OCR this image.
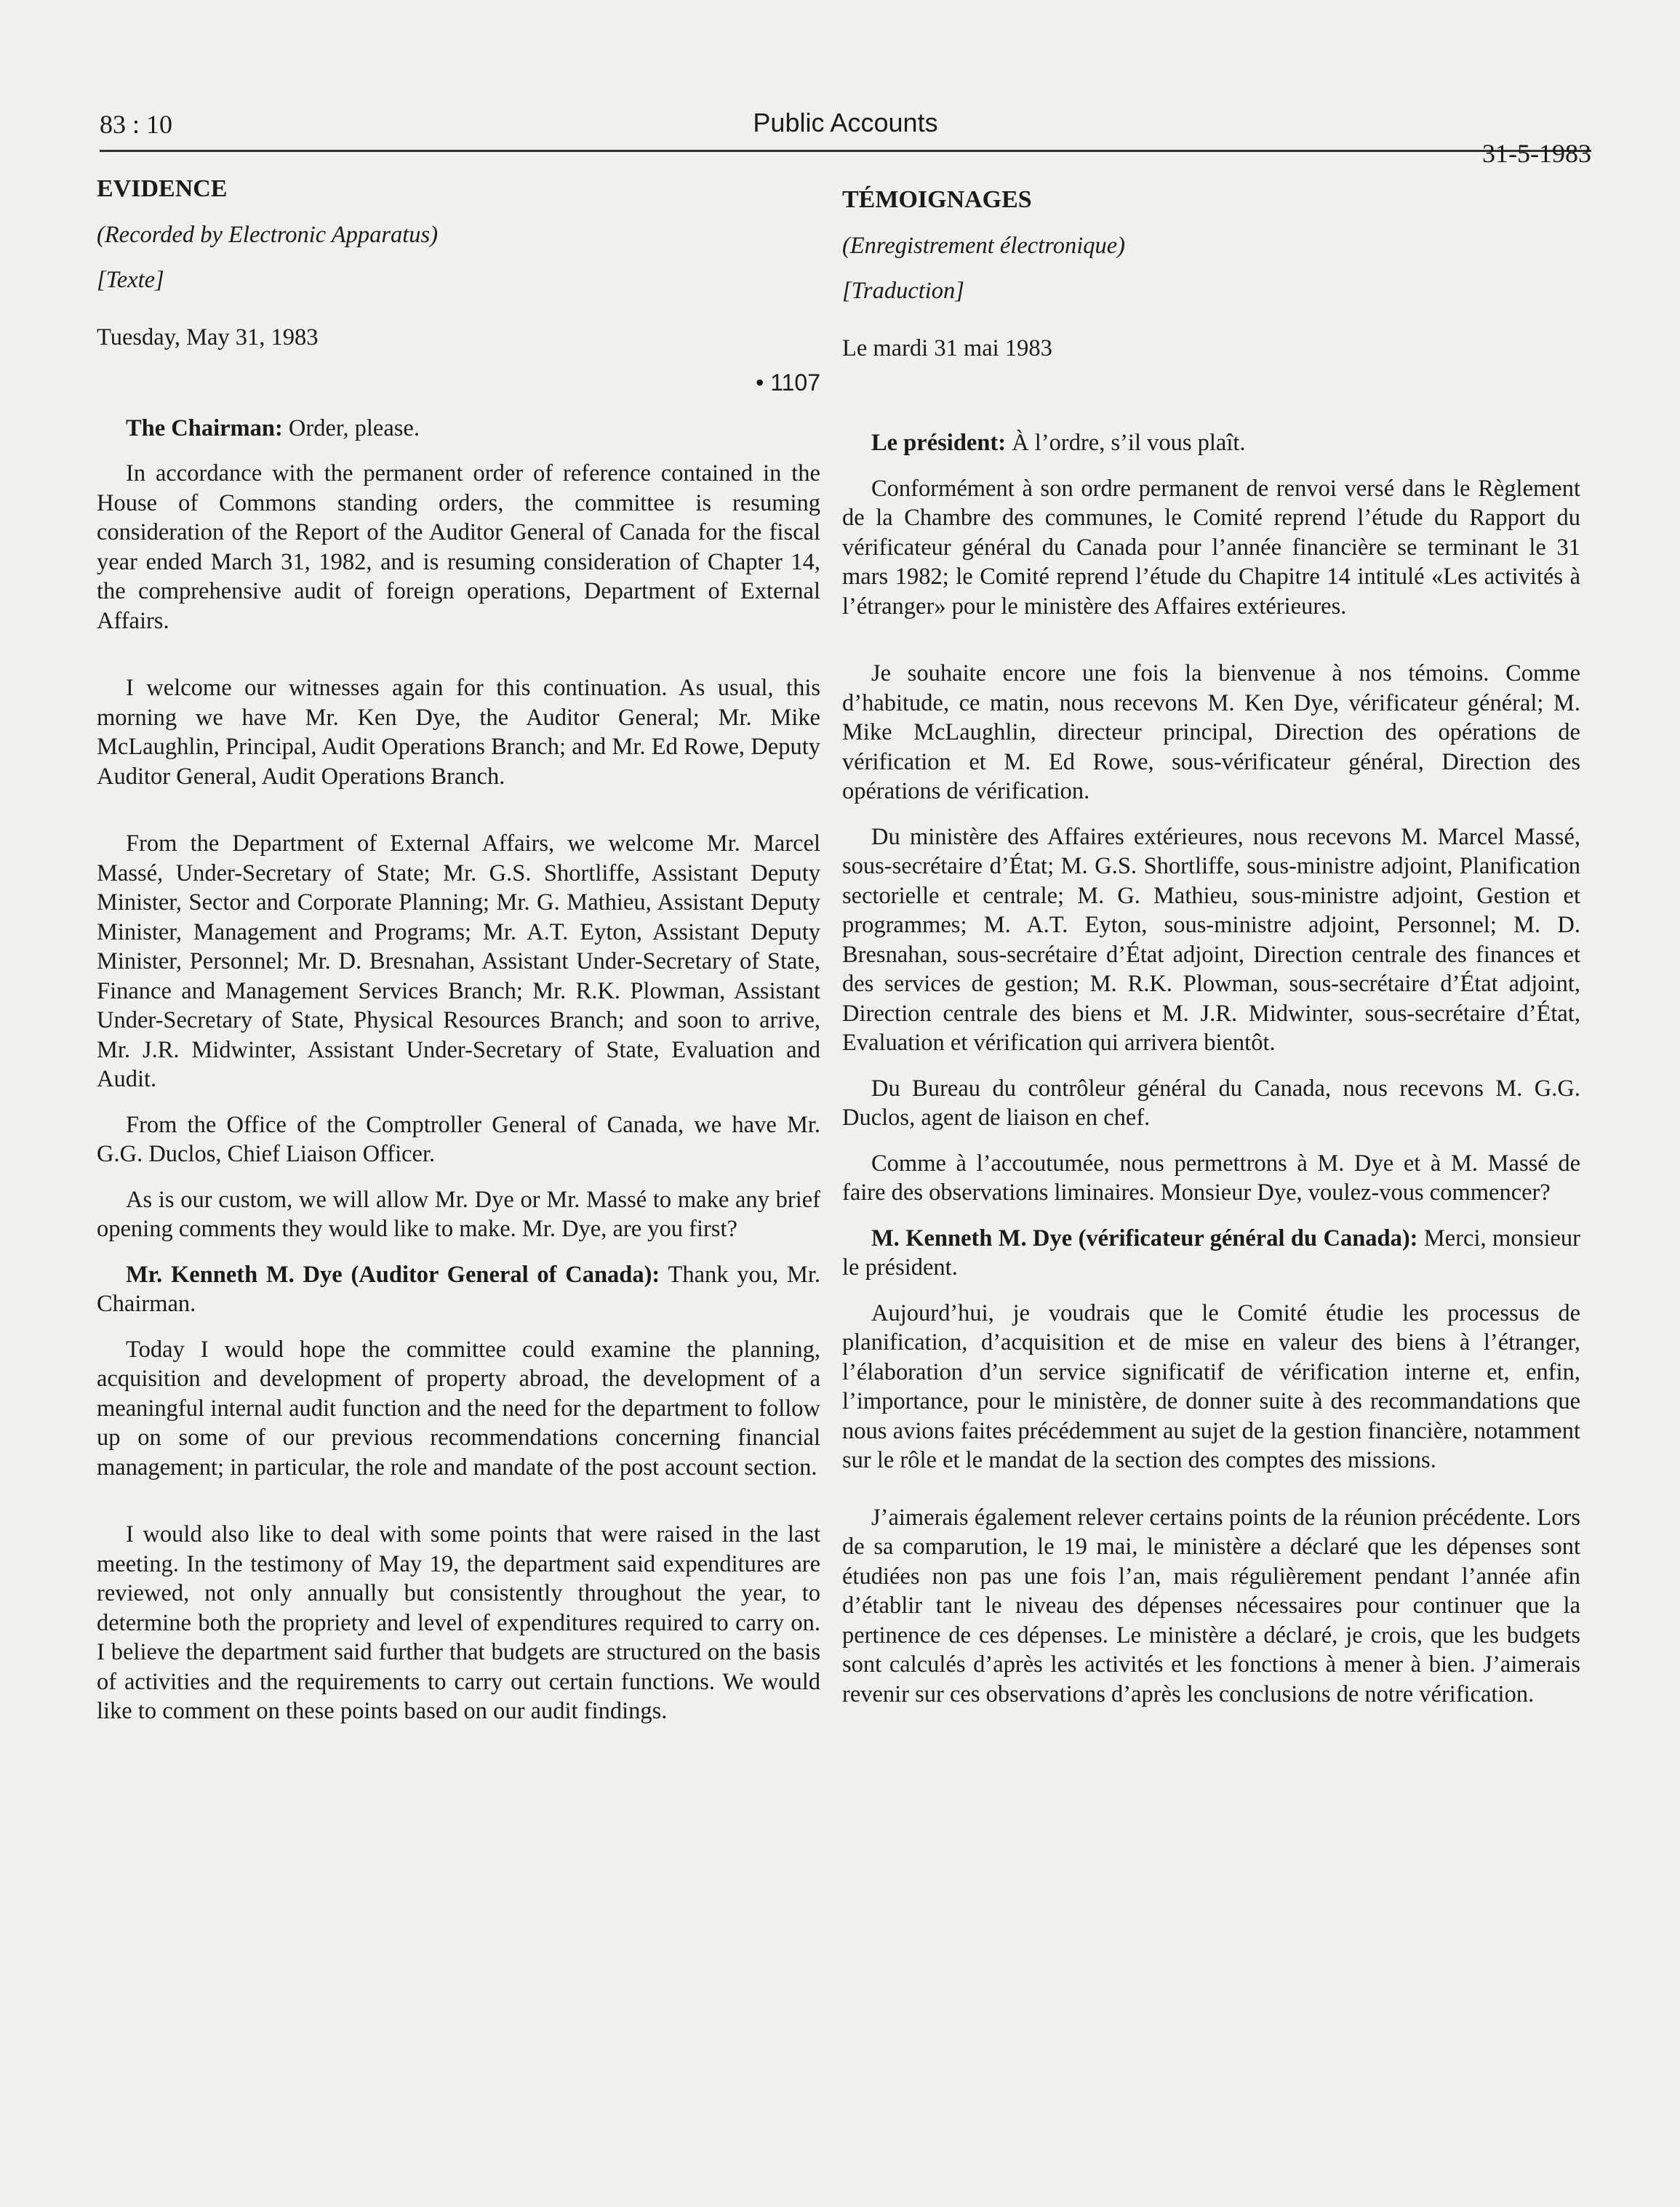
83 : 10	Public Accounts
31-5-1983

EVIDENCE

(Recorded by Electronic Apparatus)

[Texte]

Tuesday, May 31, 1983

• 1107

The Chairman: Order, please.

In accordance with the permanent order of reference contained in the House of Commons standing orders, the committee is resuming consideration of the Report of the Auditor General of Canada for the fiscal year ended March 31, 1982, and is resuming consideration of Chapter 14, the comprehensive audit of foreign operations, Department of External Affairs.

I welcome our witnesses again for this continuation. As usual, this morning we have Mr. Ken Dye, the Auditor General; Mr. Mike McLaughlin, Principal, Audit Operations Branch; and Mr. Ed Rowe, Deputy Auditor General, Audit Operations Branch.

From the Department of External Affairs, we welcome Mr. Marcel Massé, Under-Secretary of State; Mr. G.S. Shortliffe, Assistant Deputy Minister, Sector and Corporate Planning; Mr. G. Mathieu, Assistant Deputy Minister, Management and Programs; Mr. A.T. Eyton, Assistant Deputy Minister, Personnel; Mr. D. Bresnahan, Assistant Under-Secretary of State, Finance and Management Services Branch; Mr. R.K. Plowman, Assistant Under-Secretary of State, Physical Resources Branch; and soon to arrive, Mr. J.R. Midwinter, Assistant Under-Secretary of State, Evaluation and Audit.

From the Office of the Comptroller General of Canada, we have Mr. G.G. Duclos, Chief Liaison Officer.

As is our custom, we will allow Mr. Dye or Mr. Massé to make any brief opening comments they would like to make. Mr. Dye, are you first?

Mr. Kenneth M. Dye (Auditor General of Canada): Thank you, Mr. Chairman.

Today I would hope the committee could examine the planning, acquisition and development of property abroad, the development of a meaningful internal audit function and the need for the department to follow up on some of our previous recommendations concerning financial management; in particular, the role and mandate of the post account section.

I would also like to deal with some points that were raised in the last meeting. In the testimony of May 19, the department said expenditures are reviewed, not only annually but consistently throughout the year, to determine both the propriety and level of expenditures required to carry on. I believe the department said further that budgets are structured on the basis of activities and the requirements to carry out certain functions. We would like to comment on these points based on our audit findings.

TÉMOIGNAGES

(Enregistrement électronique)

[Traduction]

Le mardi 31 mai 1983

Le président: À l’ordre, s’il vous plaît.

Conformément à son ordre permanent de renvoi versé dans le Règlement de la Chambre des communes, le Comité reprend l’étude du Rapport du vérificateur général du Canada pour l’année financière se terminant le 31 mars 1982; le Comité reprend l’étude du Chapitre 14 intitulé «Les activités à l’étranger» pour le ministère des Affaires extérieures.

Je souhaite encore une fois la bienvenue à nos témoins. Comme d’habitude, ce matin, nous recevons M. Ken Dye, vérificateur général; M. Mike McLaughlin, directeur principal, Direction des opérations de vérification et M. Ed Rowe, sous-vérificateur général, Direction des opérations de vérification.

Du ministère des Affaires extérieures, nous recevons M. Marcel Massé, sous-secrétaire d’État; M. G.S. Shortliffe, sous-ministre adjoint, Planification sectorielle et centrale; M. G. Mathieu, sous-ministre adjoint, Gestion et programmes; M. A.T. Eyton, sous-ministre adjoint, Personnel; M. D. Bresnahan, sous-secrétaire d’État adjoint, Direction centrale des finances et des services de gestion; M. R.K. Plowman, sous-secrétaire d’État adjoint, Direction centrale des biens et M. J.R. Midwinter, sous-secrétaire d’État, Evaluation et vérification qui arrivera bientôt.

Du Bureau du contrôleur général du Canada, nous recevons M. G.G. Duclos, agent de liaison en chef.

Comme à l’accoutumée, nous permettrons à M. Dye et à M. Massé de faire des observations liminaires. Monsieur Dye, voulez-vous commencer?

M. Kenneth M. Dye (vérificateur général du Canada): Merci, monsieur le président.

Aujourd’hui, je voudrais que le Comité étudie les processus de planification, d’acquisition et de mise en valeur des biens à l’étranger, l’élaboration d’un service significatif de vérification interne et, enfin, l’importance, pour le ministère, de donner suite à des recommandations que nous avions faites précédemment au sujet de la gestion financière, notamment sur le rôle et le mandat de la section des comptes des missions.

J’aimerais également relever certains points de la réunion précédente. Lors de sa comparution, le 19 mai, le ministère a déclaré que les dépenses sont étudiées non pas une fois l’an, mais régulièrement pendant l’année afin d’établir tant le niveau des dépenses nécessaires pour continuer que la pertinence de ces dépenses. Le ministère a déclaré, je crois, que les budgets sont calculés d’après les activités et les fonctions à mener à bien. J’aimerais revenir sur ces observations d’après les conclusions de notre vérification.
